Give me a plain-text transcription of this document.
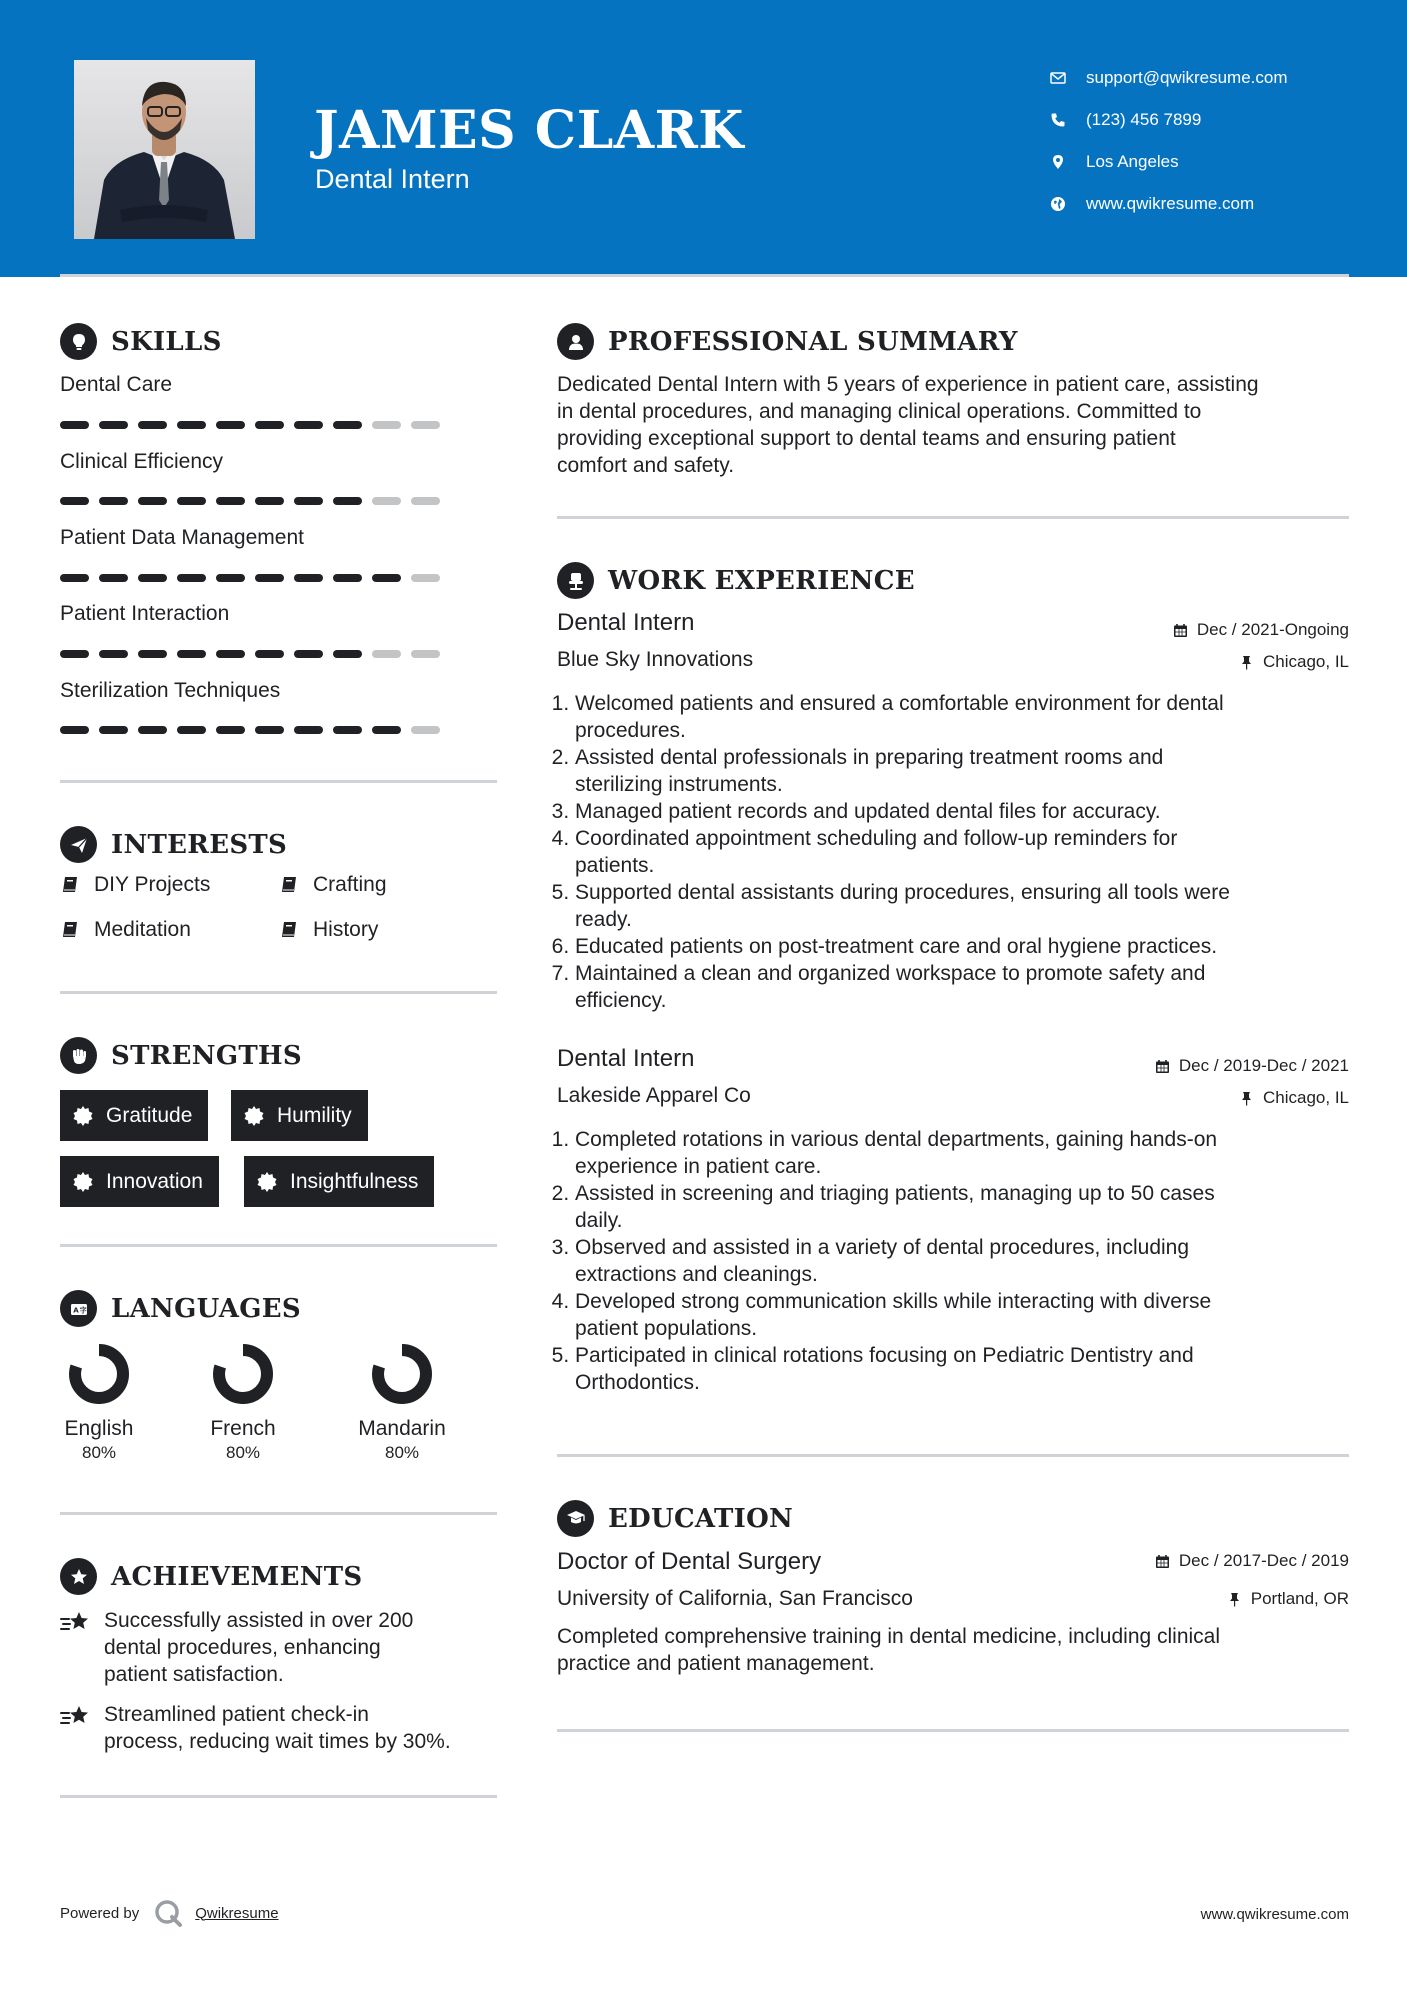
JAMES CLARK
Dental Intern
support@qwikresume.com
(123) 456 7899
Los Angeles
www.qwikresume.com
SKILLS
Dental Care
Clinical Efficiency
Patient Data Management
Patient Interaction
Sterilization Techniques
INTERESTS
DIY Projects	Crafting
Meditation	History
STRENGTHS
Gratitude	Humility
Innovation	Insightfulness
A 字 LANGUAGES
English
80%
French
80%
Mandarin
80%
ACHIEVEMENTS
Successfully assisted in over 200
dental procedures, enhancing
patient satisfaction.
Streamlined patient check-in
process, reducing wait times by 30%.
PROFESSIONAL SUMMARY
Dedicated Dental Intern with 5 years of experience in patient care, assisting
in dental procedures, and managing clinical operations. Committed to
providing exceptional support to dental teams and ensuring patient
comfort and safety.
WORK EXPERIENCE
Dental Intern	Dec / 2021-Ongoing
Blue Sky Innovations	Chicago, IL
1. Welcomed patients and ensured a comfortable environment for dental
procedures.
2. Assisted dental professionals in preparing treatment rooms and
sterilizing instruments.
3. Managed patient records and updated dental files for accuracy.
4. Coordinated appointment scheduling and follow-up reminders for
patients.
5. Supported dental assistants during procedures, ensuring all tools were
ready.
6. Educated patients on post-treatment care and oral hygiene practices.
7. Maintained a clean and organized workspace to promote safety and
efficiency.
Dental Intern	Dec / 2019-Dec / 2021
Lakeside Apparel Co	Chicago, IL
1. Completed rotations in various dental departments, gaining hands-on
experience in patient care.
2. Assisted in screening and triaging patients, managing up to 50 cases
daily.
3. Observed and assisted in a variety of dental procedures, including
extractions and cleanings.
4. Developed strong communication skills while interacting with diverse
patient populations.
5. Participated in clinical rotations focusing on Pediatric Dentistry and
Orthodontics.
EDUCATION
Doctor of Dental Surgery	Dec / 2017-Dec / 2019
University of California, San Francisco	Portland, OR
Completed comprehensive training in dental medicine, including clinical
practice and patient management.
Powered by	Qwikresume	www.qwikresume.com
